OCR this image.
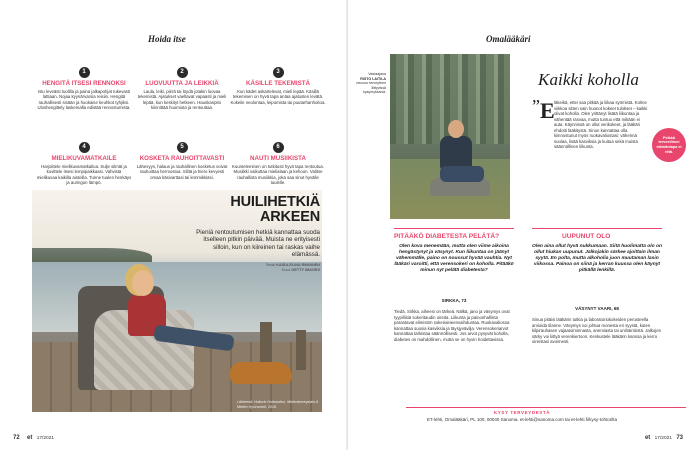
Hoida itse
1
HENGITÄ ITSESI RENNOKSI
Istu leveästi tuolilla ja paina jalkapohjat tukevasti lattiaan. Nojaa kyynärvarsia reisiin. Hengitä rauhallisesti sisään ja huokaise keuhkot tyhjiksi. Uloshengittely laskemalla edistää rennostumista.
2
LUOVUUTTA JA LEIKKIÄ
Laula, leiki, piirrä tai löydä jotakin luovaa tekemistä. Ajatukset vaeltavat vapaasti ja mieli lepää, kun keskityt hetkeen. Hauskanpito kiinnittää huomiota ja rentouttaa.
3
KÄSILLE TEKEMISTÄ
Kun kädet askartelevat, mieli lepää. Käsillä tekeminen on hyvä tapa antaa ajatusten levätä. Kokeile neulontaa, leipomista tai puutarhanhoitoa.
4
MIELIKUVAMATKAILE
Harjoittele mielikuvamatkailua. Sulje silmät ja kuvittele itsesi lempipaikkaasi. Vahvista mielikuvaa kaikilla aisteilla. Tunne tuulen henkäys ja auringon lämpö.
5
KOSKETA RAUHOITTAVASTI
Lähesyys, halaus ja rauhallinen kosketus voivat rauhoittaa hermostoa. Silitä ja hiero kevyesti omaa käsivarttasi tai lemmikkiäsi.
6
NAUTI MUSIIKISTA
Kuunteleminen on tutkitusti hyvä tapa rentoutua. Musiikki vaikuttaa mielialaan ja kehoon. Valitse rauhallista musiikkia, joka saa sinut hyvälle tuulelle.
HUILIHETKIÄ ARKEEN
Pieniä rentoutumisen hetkiä kannattaa suoda itselleen pitkin päivää. Muista ne erityisesti silloin, kun on kiireinen tai raskas vaihe elämässä.
Teksti KAISA-ELINA RINNINEN
Kuva GETTY IMAGES
Lähteenä: Hoiturin Hoitoaviino, Mielenterveystalo.fi, Mielen Hyvinvointi, 2018.
72 et 17/2021
Omalääkäri
Vastaajana
RISTO LAITILA
neuvoo terveyteen liittyvissä kysymyksissä.
Kaikki koholla
” E läkeikä, ettei saa pitkää ja liikaa syömistä. Kolme viikkoa sitten sain huonot kokeet tulokset – kaikki olivat koholla. Olen yrittänyt lisätä liikuntaa ja vähentää rasvaa, mutta tuntuu että mikään ei auta. Käynnissä on ollut verikokeet, ja lääkäri ehdotti lääkitystä. Sinun kannattaa olla kiinnostunut myös ruokavaliostasi: vähennä suolaa, lisää kasviksia ja kuitua sekä muista säännöllinen liikunta.
Pelkkä terveellinen elämäntapa ei riitä.
PITÄÄKÖ DIABETESTA PELÄTÄ?
Olen kova menemään, mutta olen viime aikoina hengästynyt ja väsynyt. Kun liikuntaa on jäänyt vähemmälle, paino on noussut hyvää vauhtia. Nyt lääkäri varoitti, että verensokeri on koholla. Pitääkö minun nyt pelätä diabetesta?
SIRKKA, 73
Tiedä, Sirkka, aiheesi on tärkeä. Nälkä, jano ja väsymys ovat tyypillisiä sokeritaudin oireita. Liikunta ja painonhallinta parantavat elimistön sokeriaineenvaihduntaa. Ruokavaliossa kannattaa suosia kasviksia ja täysjyvävilja. Verensokeriarvot kannattaa tarkistaa säännöllisesti. Jos arvot pysyvät koholla, diabetes on mahdollinen, mutta se on hyvin hoidettavissa.
UUPUNUT OLO
Olen aina ollut hyvä nukkumaan. Siitä huolimatta olo on ollut hiukan uupunut. Jalkojakin särkee ajoittain ilman syytä. En polta, mutta alkoholia juon muutaman lasin viikossa. Painoa on siinä ja kerran kuussa olen käynyt pitkällä lenkillä.
VÄSYNYT VAARI, 68
Sinua pitäisi lääkärin tutkia ja laboratoriokokeiden perusteella arvioida tilanne. Väsymys voi johtua monesta eri syystä, kuten kilpirauhasen vajaatoiminnasta, anemiasta tai unihäiriöistä. Jalkojen särky voi liittyä verenkiertoon. Keskustele lääkärin kanssa ja kerro oireistasi avoimesti.
KYSY TERVEYDESTÄ
ET-lehti, Omalääkäri, PL 100, 00040 Sanoma. et-lehti@sanoma.com tai et-lehti.fi/kysy-tohtorilta
et 17/2021 73
